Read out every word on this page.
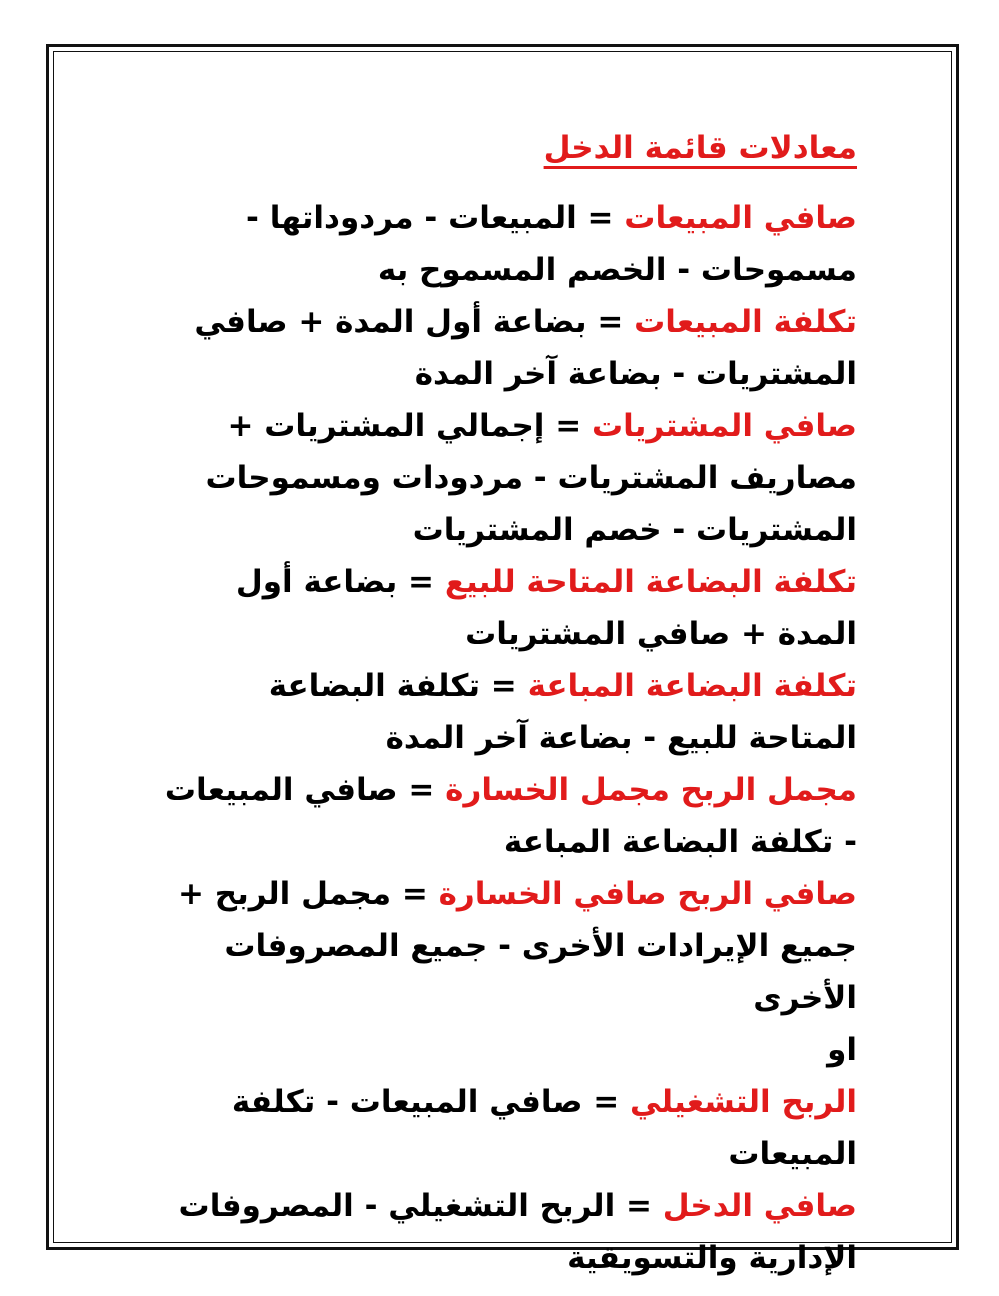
معادلات قائمة الدخل

صافي المبيعات = المبيعات - مردوداتها - مسموحات - الخصم المسموح به

تكلفة المبيعات = بضاعة أول المدة + صافي المشتريات - بضاعة آخر المدة

صافي المشتريات = إجمالي المشتريات + مصاريف المشتريات - مردودات ومسموحات المشتريات - خصم المشتريات

تكلفة البضاعة المتاحة للبيع = بضاعة أول المدة + صافي المشتريات

تكلفة البضاعة المباعة = تكلفة البضاعة المتاحة للبيع - بضاعة آخر المدة

مجمل الربح مجمل الخسارة = صافي المبيعات - تكلفة البضاعة المباعة

صافي الربح صافي الخسارة = مجمل الربح + جميع الإيرادات الأخرى - جميع المصروفات الأخرى

او

الربح التشغيلي = صافي المبيعات - تكلفة المبيعات

صافي الدخل = الربح التشغيلي - المصروفات الإدارية والتسويقية
